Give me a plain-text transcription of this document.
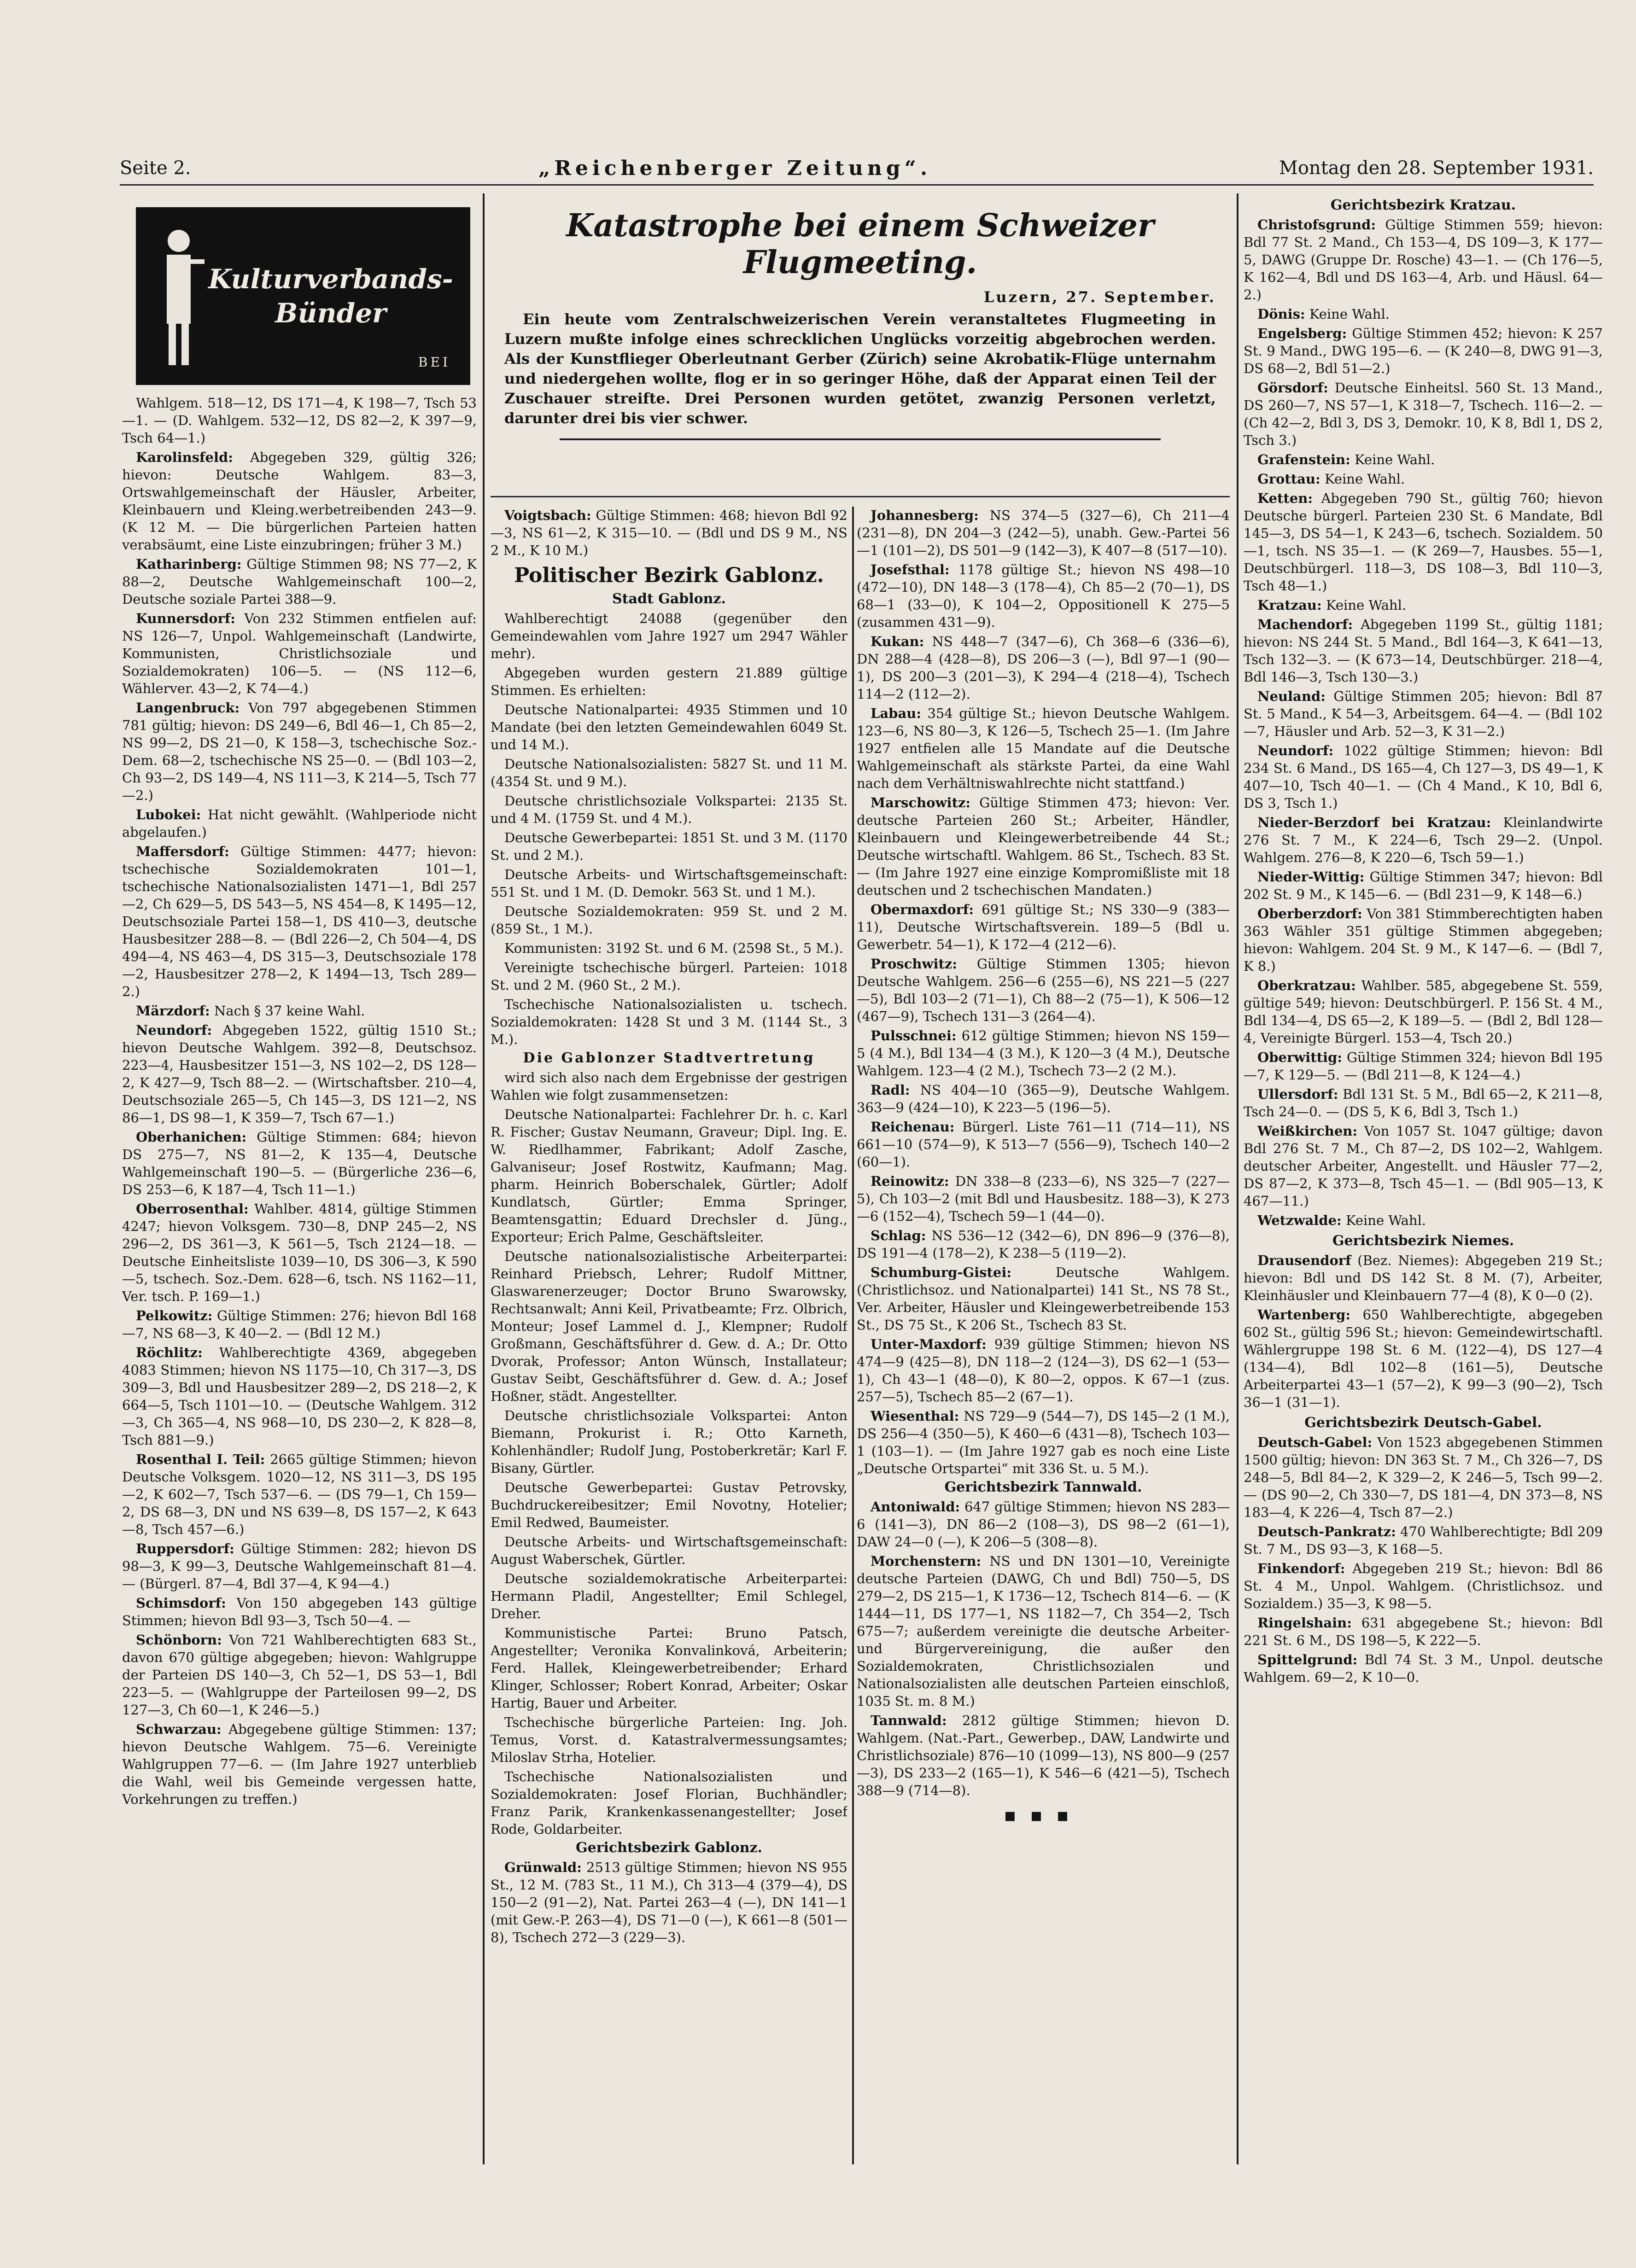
Seite 2.	„Reichenberger Zeitung“.	Montag den 28. September 1931.
Kulturverbands-Bünder
BEI

Wahlgem. 518—12, DS 171—4, K 198—7, Tsch 53—1. — (D. Wahlgem. 532—12, DS 82—2, K 397—9, Tsch 64—1.)

Karolinsfeld: Abgegeben 329, gültig 326; hievon: Deutsche Wahlgem. 83—3, Ortswahlgemeinschaft der Häusler, Arbeiter, Kleinbauern und Kleing.werbetreibenden 243—9. (K 12 M. — Die bürgerlichen Parteien hatten verabsäumt, eine Liste einzubringen; früher 3 M.)

Katharinberg: Gültige Stimmen 98; NS 77—2, K 88—2, Deutsche Wahlgemeinschaft 100—2, Deutsche soziale Partei 388—9.

Kunnersdorf: Von 232 Stimmen entfielen auf: NS 126—7, Unpol. Wahlgemeinschaft (Landwirte, Kommunisten, Christlichsoziale und Sozialdemokraten) 106—5. — (NS 112—6, Wählerver. 43—2, K 74—4.)

Langenbruck: Von 797 abgegebenen Stimmen 781 gültig; hievon: DS 249—6, Bdl 46—1, Ch 85—2, NS 99—2, DS 21—0, K 158—3, tschechische Soz.-Dem. 68—2, tschechische NS 25—0. — (Bdl 103—2, Ch 93—2, DS 149—4, NS 111—3, K 214—5, Tsch 77—2.)

Lubokei: Hat nicht gewählt. (Wahlperiode nicht abgelaufen.)

Maffersdorf: Gültige Stimmen: 4477; hievon: tschechische Sozialdemokraten 101—1, tschechische Nationalsozialisten 1471—1, Bdl 257—2, Ch 629—5, DS 543—5, NS 454—8, K 1495—12, Deutschsoziale Partei 158—1, DS 410—3, deutsche Hausbesitzer 288—8. — (Bdl 226—2, Ch 504—4, DS 494—4, NS 463—4, DS 315—3, Deutschsoziale 178—2, Hausbesitzer 278—2, K 1494—13, Tsch 289—2.)

Märzdorf: Nach § 37 keine Wahl.

Neundorf: Abgegeben 1522, gültig 1510 St.; hievon Deutsche Wahlgem. 392—8, Deutschsoz. 223—4, Hausbesitzer 151—3, NS 102—2, DS 128—2, K 427—9, Tsch 88—2. — (Wirtschaftsber. 210—4, Deutschsoziale 265—5, Ch 145—3, DS 121—2, NS 86—1, DS 98—1, K 359—7, Tsch 67—1.)

Oberhanichen: Gültige Stimmen: 684; hievon DS 275—7, NS 81—2, K 135—4, Deutsche Wahlgemeinschaft 190—5. — (Bürgerliche 236—6, DS 253—6, K 187—4, Tsch 11—1.)

Oberrosenthal: Wahlber. 4814, gültige Stimmen 4247; hievon Volksgem. 730—8, DNP 245—2, NS 296—2, DS 361—3, K 561—5, Tsch 2124—18. — Deutsche Einheitsliste 1039—10, DS 306—3, K 590—5, tschech. Soz.-Dem. 628—6, tsch. NS 1162—11, Ver. tsch. P. 169—1.)

Pelkowitz: Gültige Stimmen: 276; hievon Bdl 168—7, NS 68—3, K 40—2. — (Bdl 12 M.)

Röchlitz: Wahlberechtigte 4369, abgegeben 4083 Stimmen; hievon NS 1175—10, Ch 317—3, DS 309—3, Bdl und Hausbesitzer 289—2, DS 218—2, K 664—5, Tsch 1101—10. — (Deutsche Wahlgem. 312—3, Ch 365—4, NS 968—10, DS 230—2, K 828—8, Tsch 881—9.)

Rosenthal I. Teil: 2665 gültige Stimmen; hievon Deutsche Volksgem. 1020—12, NS 311—3, DS 195—2, K 602—7, Tsch 537—6. — (DS 79—1, Ch 159—2, DS 68—3, DN und NS 639—8, DS 157—2, K 643—8, Tsch 457—6.)

Ruppersdorf: Gültige Stimmen: 282; hievon DS 98—3, K 99—3, Deutsche Wahlgemeinschaft 81—4. — (Bürgerl. 87—4, Bdl 37—4, K 94—4.)

Schimsdorf: Von 150 abgegeben 143 gültige Stimmen; hievon Bdl 93—3, Tsch 50—4. —

Schönborn: Von 721 Wahlberechtigten 683 St., davon 670 gültige abgegeben; hievon: Wahlgruppe der Parteien DS 140—3, Ch 52—1, DS 53—1, Bdl 223—5. — (Wahlgruppe der Parteilosen 99—2, DS 127—3, Ch 60—1, K 246—5.)

Schwarzau: Abgegebene gültige Stimmen: 137; hievon Deutsche Wahlgem. 75—6. Vereinigte Wahlgruppen 77—6. — (Im Jahre 1927 unterblieb die Wahl, weil bis Gemeinde vergessen hatte, Vorkehrungen zu treffen.)

Katastrophe bei einem Schweizer Flugmeeting.
Luzern, 27. September.
Ein heute vom Zentralschweizerischen Verein veranstaltetes Flugmeeting in Luzern mußte infolge eines schrecklichen Unglücks vorzeitig abgebrochen werden. Als der Kunstflieger Oberleutnant Gerber (Zürich) seine Akrobatik-Flüge unternahm und niedergehen wollte, flog er in so geringer Höhe, daß der Apparat einen Teil der Zuschauer streifte. Drei Personen wurden getötet, zwanzig Personen verletzt, darunter drei bis vier schwer.

Voigtsbach: Gültige Stimmen: 468; hievon Bdl 92—3, NS 61—2, K 315—10. — (Bdl und DS 9 M., NS 2 M., K 10 M.)

Politischer Bezirk Gablonz.
Stadt Gablonz.

Wahlberechtigt 24088 (gegenüber den Gemeindewahlen vom Jahre 1927 um 2947 Wähler mehr).

Abgegeben wurden gestern 21.889 gültige Stimmen. Es erhielten:

Deutsche Nationalpartei: 4935 Stimmen und 10 Mandate (bei den letzten Gemeindewahlen 6049 St. und 14 M.).

Deutsche Nationalsozialisten: 5827 St. und 11 M. (4354 St. und 9 M.).

Deutsche christlichsoziale Volkspartei: 2135 St. und 4 M. (1759 St. und 4 M.).

Deutsche Gewerbepartei: 1851 St. und 3 M. (1170 St. und 2 M.).

Deutsche Arbeits- und Wirtschaftsgemeinschaft: 551 St. und 1 M. (D. Demokr. 563 St. und 1 M.).

Deutsche Sozialdemokraten: 959 St. und 2 M. (859 St., 1 M.).

Kommunisten: 3192 St. und 6 M. (2598 St., 5 M.).

Vereinigte tschechische bürgerl. Parteien: 1018 St. und 2 M. (960 St., 2 M.).

Tschechische Nationalsozialisten u. tschech. Sozialdemokraten: 1428 St und 3 M. (1144 St., 3 M.).

Die Gablonzer Stadtvertretung

wird sich also nach dem Ergebnisse der gestrigen Wahlen wie folgt zusammensetzen:

Deutsche Nationalpartei: Fachlehrer Dr. h. c. Karl R. Fischer; Gustav Neumann, Graveur; Dipl. Ing. E. W. Riedlhammer, Fabrikant; Adolf Zasche, Galvaniseur; Josef Rostwitz, Kaufmann; Mag. pharm. Heinrich Boberschalek, Gürtler; Adolf Kundlatsch, Gürtler; Emma Springer, Beamtensgattin; Eduard Drechsler d. Jüng., Exporteur; Erich Palme, Geschäftsleiter.

Deutsche nationalsozialistische Arbeiterpartei: Reinhard Priebsch, Lehrer; Rudolf Mittner, Glaswarenerzeuger; Doctor Bruno Swarowsky, Rechtsanwalt; Anni Keil, Privatbeamte; Frz. Olbrich, Monteur; Josef Lammel d. J., Klempner; Rudolf Großmann, Geschäftsführer d. Gew. d. A.; Dr. Otto Dvorak, Professor; Anton Wünsch, Installateur; Gustav Seibt, Geschäftsführer d. Gew. d. A.; Josef Hoßner, städt. Angestellter.

Deutsche christlichsoziale Volkspartei: Anton Biemann, Prokurist i. R.; Otto Karneth, Kohlenhändler; Rudolf Jung, Postoberkretär; Karl F. Bisany, Gürtler.

Deutsche Gewerbepartei: Gustav Petrovsky, Buchdruckereibesitzer; Emil Novotny, Hotelier; Emil Redwed, Baumeister.

Deutsche Arbeits- und Wirtschaftsgemeinschaft: August Waberschek, Gürtler.

Deutsche sozialdemokratische Arbeiterpartei: Hermann Pladil, Angestellter; Emil Schlegel, Dreher.

Kommunistische Partei: Bruno Patsch, Angestellter; Veronika Konvalinková, Arbeiterin; Ferd. Hallek, Kleingewerbetreibender; Erhard Klinger, Schlosser; Robert Konrad, Arbeiter; Oskar Hartig, Bauer und Arbeiter.

Tschechische bürgerliche Parteien: Ing. Joh. Temus, Vorst. d. Katastralvermessungsamtes; Miloslav Strha, Hotelier.

Tschechische Nationalsozialisten und Sozialdemokraten: Josef Florian, Buchhändler; Franz Parik, Krankenkassenangestellter; Josef Rode, Goldarbeiter.

Gerichtsbezirk Gablonz.

Grünwald: 2513 gültige Stimmen; hievon NS 955 St., 12 M. (783 St., 11 M.), Ch 313—4 (379—4), DS 150—2 (91—2), Nat. Partei 263—4 (—), DN 141—1 (mit Gew.-P. 263—4), DS 71—0 (—), K 661—8 (501—8), Tschech 272—3 (229—3).

Johannesberg: NS 374—5 (327—6), Ch 211—4 (231—8), DN 204—3 (242—5), unabh. Gew.-Partei 56—1 (101—2), DS 501—9 (142—3), K 407—8 (517—10).

Josefsthal: 1178 gültige St.; hievon NS 498—10 (472—10), DN 148—3 (178—4), Ch 85—2 (70—1), DS 68—1 (33—0), K 104—2, Oppositionell K 275—5 (zusammen 431—9).

Kukan: NS 448—7 (347—6), Ch 368—6 (336—6), DN 288—4 (428—8), DS 206—3 (—), Bdl 97—1 (90—1), DS 200—3 (201—3), K 294—4 (218—4), Tschech 114—2 (112—2).

Labau: 354 gültige St.; hievon Deutsche Wahlgem. 123—6, NS 80—3, K 126—5, Tschech 25—1. (Im Jahre 1927 entfielen alle 15 Mandate auf die Deutsche Wahlgemeinschaft als stärkste Partei, da eine Wahl nach dem Verhältniswahlrechte nicht stattfand.)

Marschowitz: Gültige Stimmen 473; hievon: Ver. deutsche Parteien 260 St.; Arbeiter, Händler, Kleinbauern und Kleingewerbetreibende 44 St.; Deutsche wirtschaftl. Wahlgem. 86 St., Tschech. 83 St. — (Im Jahre 1927 eine einzige Kompromißliste mit 18 deutschen und 2 tschechischen Mandaten.)

Obermaxdorf: 691 gültige St.; NS 330—9 (383—11), Deutsche Wirtschaftsverein. 189—5 (Bdl u. Gewerbetr. 54—1), K 172—4 (212—6).

Proschwitz: Gültige Stimmen 1305; hievon Deutsche Wahlgem. 256—6 (255—6), NS 221—5 (227—5), Bdl 103—2 (71—1), Ch 88—2 (75—1), K 506—12 (467—9), Tschech 131—3 (264—4).

Pulsschnei: 612 gültige Stimmen; hievon NS 159—5 (4 M.), Bdl 134—4 (3 M.), K 120—3 (4 M.), Deutsche Wahlgem. 123—4 (2 M.), Tschech 73—2 (2 M.).

Radl: NS 404—10 (365—9), Deutsche Wahlgem. 363—9 (424—10), K 223—5 (196—5).

Reichenau: Bürgerl. Liste 761—11 (714—11), NS 661—10 (574—9), K 513—7 (556—9), Tschech 140—2 (60—1).

Reinowitz: DN 338—8 (233—6), NS 325—7 (227—5), Ch 103—2 (mit Bdl und Hausbesitz. 188—3), K 273—6 (152—4), Tschech 59—1 (44—0).

Schlag: NS 536—12 (342—6), DN 896—9 (376—8), DS 191—4 (178—2), K 238—5 (119—2).

Schumburg-Gistei:	Deutsche Wahlgem. (Christlichsoz. und Nationalpartei) 141 St., NS 78 St., Ver. Arbeiter, Häusler und Kleingewerbetreibende 153 St., DS 75 St., K 206 St., Tschech 83 St.

Unter-Maxdorf: 939 gültige Stimmen; hievon NS 474—9 (425—8), DN 118—2 (124—3), DS 62—1 (53—1), Ch 43—1 (48—0), K 80—2, oppos. K 67—1 (zus. 257—5), Tschech 85—2 (67—1).

Wiesenthal: NS 729—9 (544—7), DS 145—2 (1 M.), DS 256—4 (350—5), K 460—6 (431—8), Tschech 103—1 (103—1). — (Im Jahre 1927 gab es noch eine Liste „Deutsche Ortspartei“ mit 336 St. u. 5 M.).

Gerichtsbezirk Tannwald.

Antoniwald: 647 gültige Stimmen; hievon NS 283—6 (141—3), DN 86—2 (108—3), DS 98—2 (61—1), DAW 24—0 (—), K 206—5 (308—8).

Morchenstern: NS und DN 1301—10, Vereinigte deutsche Parteien (DAWG, Ch und Bdl) 750—5, DS 279—2, DS 215—1, K 1736—12, Tschech 814—6. — (K 1444—11, DS 177—1, NS 1182—7, Ch 354—2, Tsch 675—7; außerdem vereinigte die deutsche Arbeiter- und Bürgervereinigung, die außer den Sozialdemokraten, Christlichsozialen und Nationalsozialisten alle deutschen Parteien einschloß, 1035 St. m. 8 M.)

Tannwald: 2812 gültige Stimmen; hievon D. Wahlgem. (Nat.-Part., Gewerbep., DAW, Landwirte und Christlichsoziale) 876—10 (1099—13), NS 800—9 (257—3), DS 233—2 (165—1), K 546—6 (421—5), Tschech 388—9 (714—8).

▪▪▪
Gerichtsbezirk Kratzau.

Christofsgrund: Gültige Stimmen 559; hievon: Bdl 77 St. 2 Mand., Ch 153—4, DS 109—3, K 177—5, DAWG (Gruppe Dr. Rosche) 43—1. — (Ch 176—5, K 162—4, Bdl und DS 163—4, Arb. und Häusl. 64—2.)

Dönis: Keine Wahl.

Engelsberg: Gültige Stimmen 452; hievon: K 257 St. 9 Mand., DWG 195—6. — (K 240—8, DWG 91—3, DS 68—2, Bdl 51—2.)

Görsdorf: Deutsche Einheitsl. 560 St. 13 Mand., DS 260—7, NS 57—1, K 318—7, Tschech. 116—2. — (Ch 42—2, Bdl 3, DS 3, Demokr. 10, K 8, Bdl 1, DS 2, Tsch 3.)

Grafenstein: Keine Wahl.

Grottau: Keine Wahl.

Ketten: Abgegeben 790 St., gültig 760; hievon Deutsche bürgerl. Parteien 230 St. 6 Mandate, Bdl 145—3, DS 54—1, K 243—6, tschech. Sozialdem. 50—1, tsch. NS 35—1. — (K 269—7, Hausbes. 55—1, Deutschbürgerl. 118—3, DS 108—3, Bdl 110—3, Tsch 48—1.)

Kratzau: Keine Wahl.

Machendorf: Abgegeben 1199 St., gültig 1181; hievon: NS 244 St. 5 Mand., Bdl 164—3, K 641—13, Tsch 132—3. — (K 673—14, Deutschbürger. 218—4, Bdl 146—3, Tsch 130—3.)

Neuland: Gültige Stimmen 205; hievon: Bdl 87 St. 5 Mand., K 54—3, Arbeitsgem. 64—4. — (Bdl 102—7, Häusler und Arb. 52—3, K 31—2.)

Neundorf: 1022 gültige Stimmen; hievon: Bdl 234 St. 6 Mand., DS 165—4, Ch 127—3, DS 49—1, K 407—10, Tsch 40—1. — (Ch 4 Mand., K 10, Bdl 6, DS 3, Tsch 1.)

Nieder-Berzdorf bei Kratzau: Kleinlandwirte 276 St. 7 M., K 224—6, Tsch 29—2. (Unpol. Wahlgem. 276—8, K 220—6, Tsch 59—1.)

Nieder-Wittig: Gültige Stimmen 347; hievon: Bdl 202 St. 9 M., K 145—6. — (Bdl 231—9, K 148—6.)

Oberberzdorf: Von 381 Stimmberechtigten haben 363 Wähler 351 gültige Stimmen abgegeben; hievon: Wahlgem. 204 St. 9 M., K 147—6. — (Bdl 7, K 8.)

Oberkratzau: Wahlber. 585, abgegebene St. 559, gültige 549; hievon: Deutschbürgerl. P. 156 St. 4 M., Bdl 134—4, DS 65—2, K 189—5. — (Bdl 2, Bdl 128—4, Vereinigte Bürgerl. 153—4, Tsch 20.)

Oberwittig: Gültige Stimmen 324; hievon Bdl 195—7, K 129—5. — (Bdl 211—8, K 124—4.)

Ullersdorf: Bdl 131 St. 5 M., Bdl 65—2, K 211—8, Tsch 24—0. — (DS 5, K 6, Bdl 3, Tsch 1.)

Weißkirchen: Von 1057 St. 1047 gültige; davon Bdl 276 St. 7 M., Ch 87—2, DS 102—2, Wahlgem. deutscher Arbeiter, Angestellt. und Häusler 77—2, DS 87—2, K 373—8, Tsch 45—1. — (Bdl 905—13, K 467—11.)

Wetzwalde: Keine Wahl.

Gerichtsbezirk Niemes.

Drausendorf (Bez. Niemes): Abgegeben 219 St.; hievon: Bdl und DS 142 St. 8 M. (7), Arbeiter, Kleinhäusler und Kleinbauern 77—4 (8), K 0—0 (2).

Wartenberg: 650 Wahlberechtigte, abgegeben 602 St., gültig 596 St.; hievon: Gemeindewirtschaftl. Wählergruppe 198 St. 6 M. (122—4), DS 127—4 (134—4), Bdl 102—8 (161—5), Deutsche Arbeiterpartei 43—1 (57—2), K 99—3 (90—2), Tsch 36—1 (31—1).

Gerichtsbezirk Deutsch-Gabel.

Deutsch-Gabel: Von 1523 abgegebenen Stimmen 1500 gültig; hievon: DN 363 St. 7 M., Ch 326—7, DS 248—5, Bdl 84—2, K 329—2, K 246—5, Tsch 99—2. — (DS 90—2, Ch 330—7, DS 181—4, DN 373—8, NS 183—4, K 226—4, Tsch 87—2.)

Deutsch-Pankratz: 470 Wahlberechtigte; Bdl 209 St. 7 M., DS 93—3, K 168—5.

Finkendorf: Abgegeben 219 St.; hievon: Bdl 86 St. 4 M., Unpol. Wahlgem. (Christlichsoz. und Sozialdem.) 35—3, K 98—5.

Ringelshain: 631 abgegebene St.; hievon: Bdl 221 St. 6 M., DS 198—5, K 222—5.

Spittelgrund: Bdl 74 St. 3 M., Unpol. deutsche Wahlgem. 69—2, K 10—0.
